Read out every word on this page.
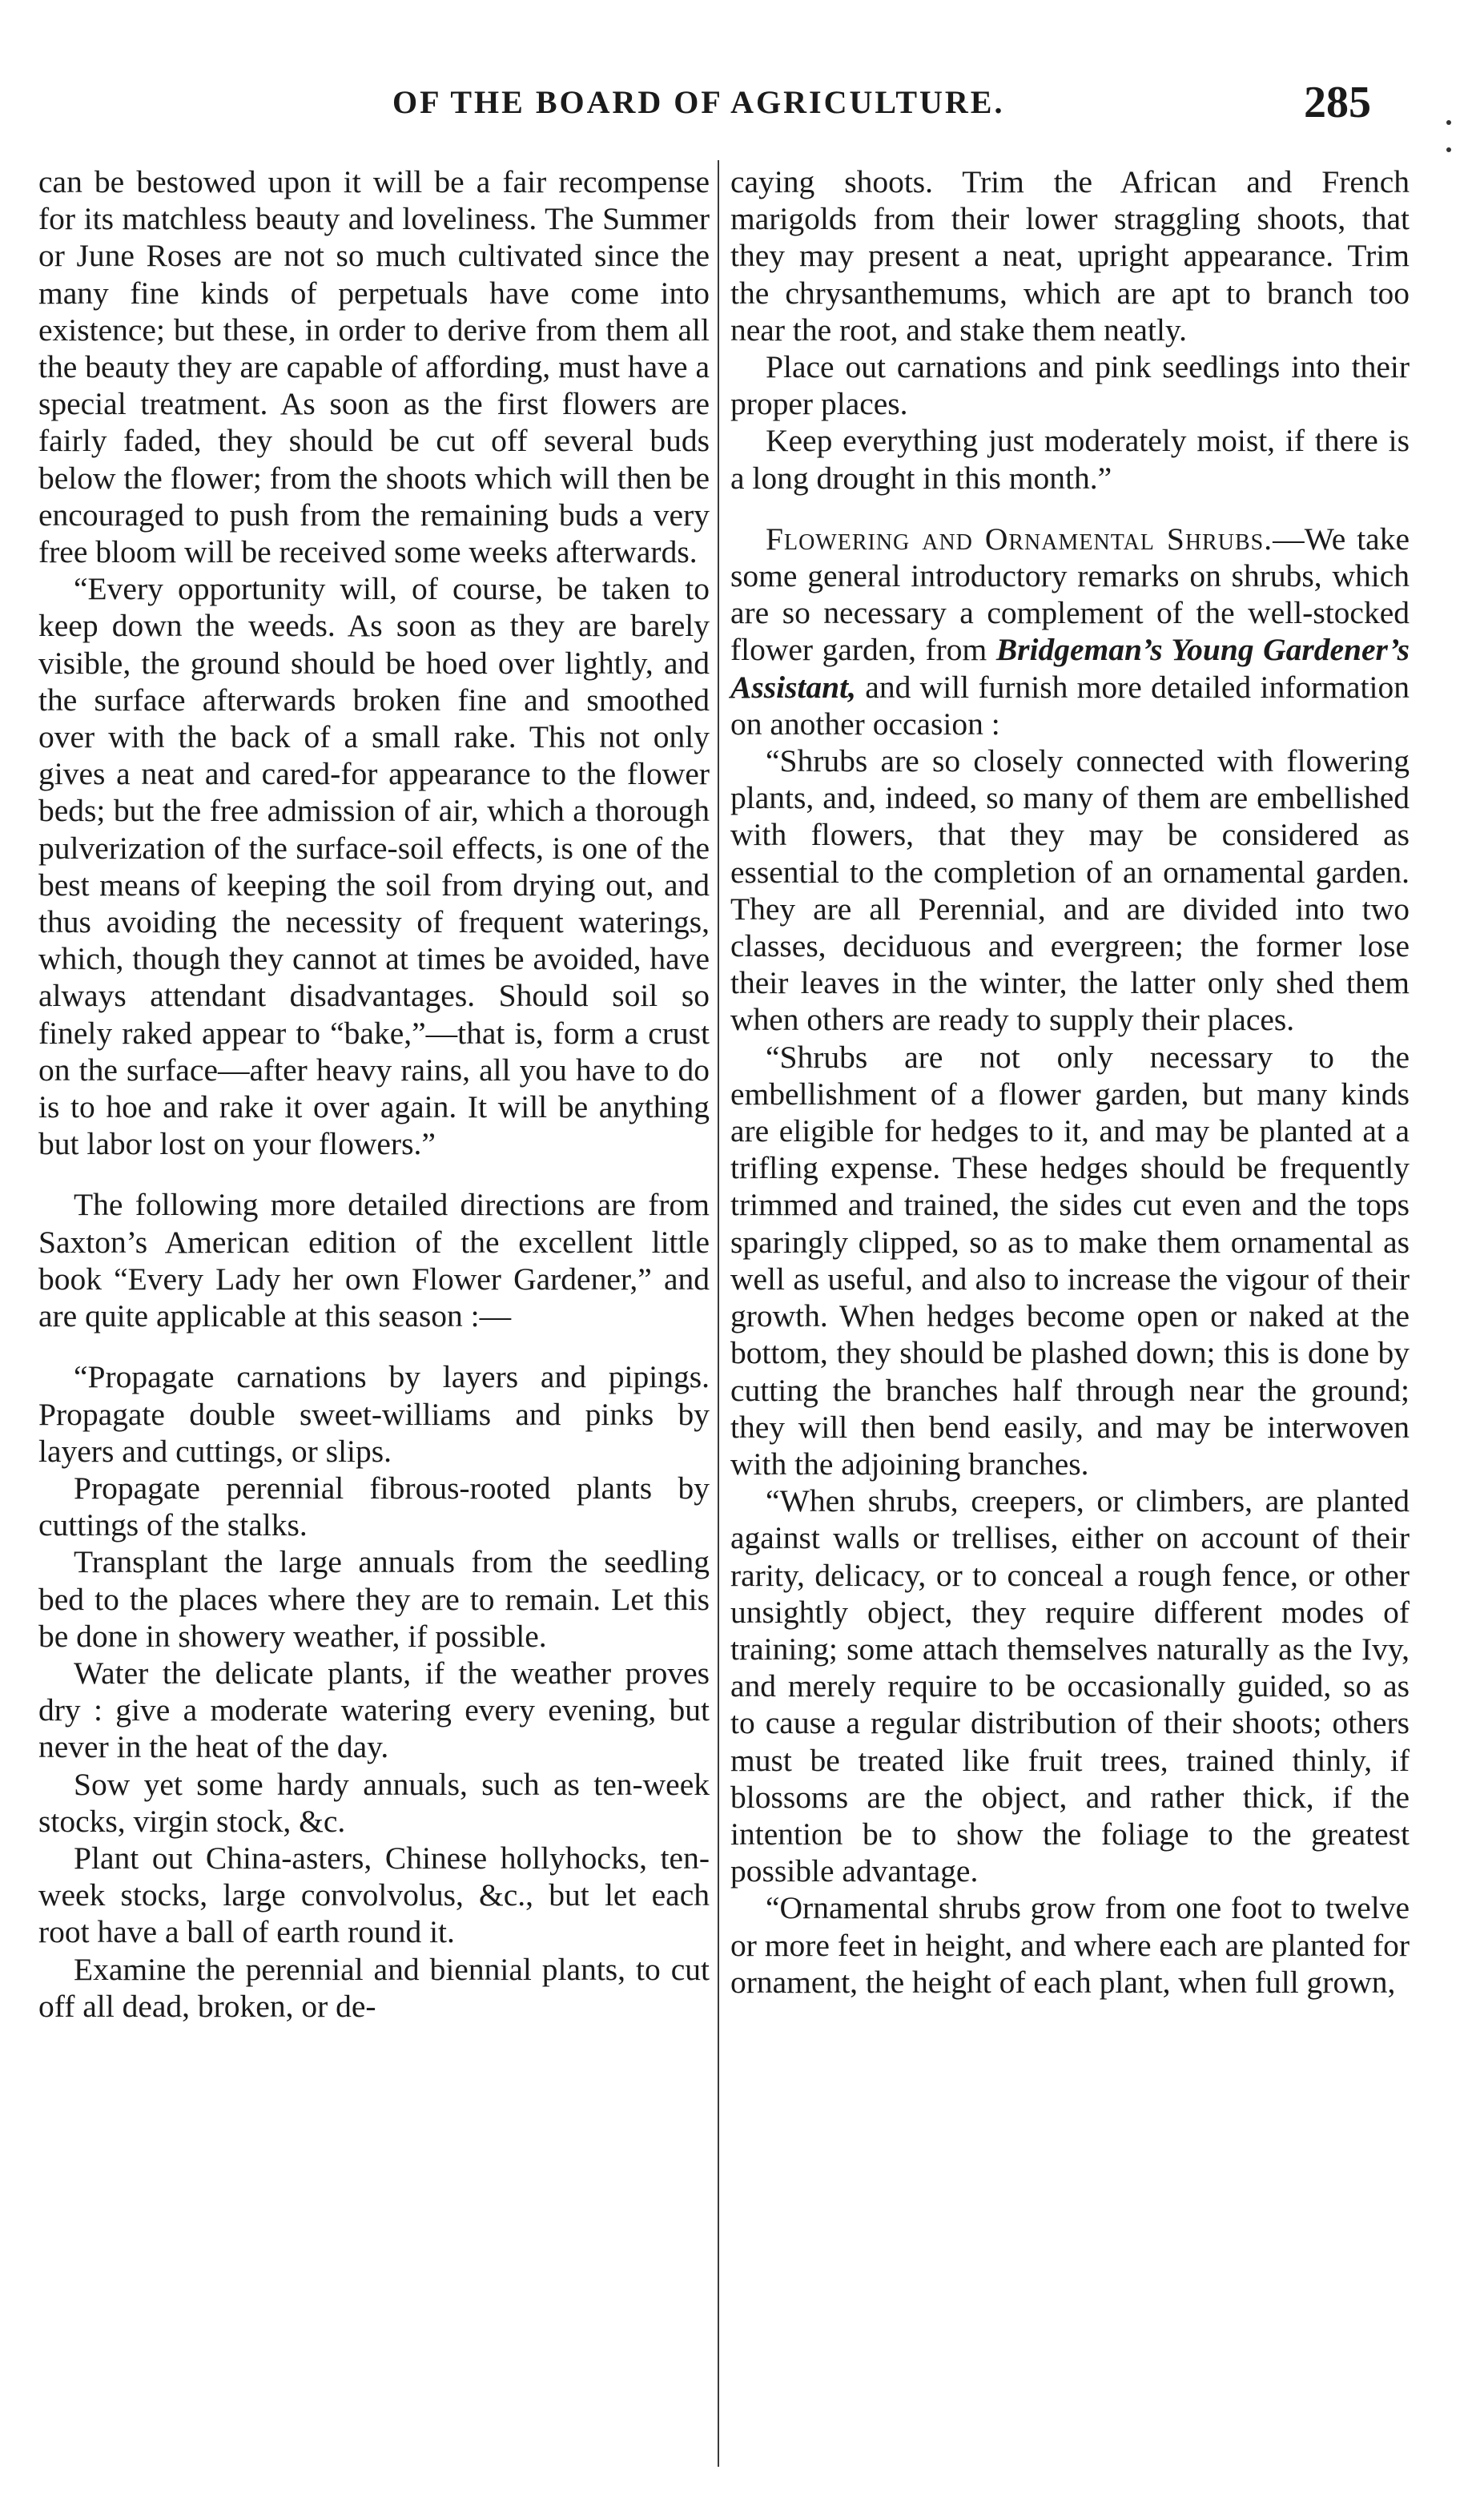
OF THE BOARD OF AGRICULTURE.	285

can be bestowed upon it will be a fair recompense for its matchless beauty and loveliness. The Summer or June Roses are not so much cultivated since the many fine kinds of perpetuals have come into existence; but these, in order to derive from them all the beauty they are capable of affording, must have a special treatment. As soon as the first flowers are fairly faded, they should be cut off several buds below the flower; from the shoots which will then be encouraged to push from the remaining buds a very free bloom will be received some weeks afterwards.

“Every opportunity will, of course, be taken to keep down the weeds. As soon as they are barely visible, the ground should be hoed over lightly, and the surface afterwards broken fine and smoothed over with the back of a small rake. This not only gives a neat and cared-for appearance to the flower beds; but the free admission of air, which a thorough pulverization of the surface-soil effects, is one of the best means of keeping the soil from drying out, and thus avoiding the necessity of frequent waterings, which, though they cannot at times be avoided, have always attendant disadvantages. Should soil so finely raked appear to “bake,”—that is, form a crust on the surface—after heavy rains, all you have to do is to hoe and rake it over again. It will be anything but labor lost on your flowers.”

The following more detailed directions are from Saxton’s American edition of the excellent little book “Every Lady her own Flower Gardener,” and are quite applicable at this season :—

“Propagate carnations by layers and pipings. Propagate double sweet-williams and pinks by layers and cuttings, or slips.

Propagate perennial fibrous-rooted plants by cuttings of the stalks.

Transplant the large annuals from the seedling bed to the places where they are to remain. Let this be done in showery weather, if possible.

Water the delicate plants, if the weather proves dry : give a moderate watering every evening, but never in the heat of the day.

Sow yet some hardy annuals, such as ten-week stocks, virgin stock, &c.

Plant out China-asters, Chinese hollyhocks, ten-week stocks, large convolvolus, &c., but let each root have a ball of earth round it.

Examine the perennial and biennial plants, to cut off all dead, broken, or de-

caying shoots. Trim the African and French marigolds from their lower straggling shoots, that they may present a neat, upright appearance. Trim the chrysanthemums, which are apt to branch too near the root, and stake them neatly.

Place out carnations and pink seedlings into their proper places.

Keep everything just moderately moist, if there is a long drought in this month.”

Flowering and Ornamental Shrubs.—We take some general introductory remarks on shrubs, which are so necessary a complement of the well-stocked flower garden, from Bridgeman’s Young Gardener’s Assistant, and will furnish more detailed information on another occasion :

“Shrubs are so closely connected with flowering plants, and, indeed, so many of them are embellished with flowers, that they may be considered as essential to the completion of an ornamental garden. They are all Perennial, and are divided into two classes, deciduous and evergreen; the former lose their leaves in the winter, the latter only shed them when others are ready to supply their places.

“Shrubs are not only necessary to the embellishment of a flower garden, but many kinds are eligible for hedges to it, and may be planted at a trifling expense. These hedges should be frequently trimmed and trained, the sides cut even and the tops sparingly clipped, so as to make them ornamental as well as useful, and also to increase the vigour of their growth. When hedges become open or naked at the bottom, they should be plashed down; this is done by cutting the branches half through near the ground; they will then bend easily, and may be interwoven with the adjoining branches.

“When shrubs, creepers, or climbers, are planted against walls or trellises, either on account of their rarity, delicacy, or to conceal a rough fence, or other unsightly object, they require different modes of training; some attach themselves naturally as the Ivy, and merely require to be occasionally guided, so as to cause a regular distribution of their shoots; others must be treated like fruit trees, trained thinly, if blossoms are the object, and rather thick, if the intention be to show the foliage to the greatest possible advantage.

“Ornamental shrubs grow from one foot to twelve or more feet in height, and where each are planted for ornament, the height of each plant, when full grown,
